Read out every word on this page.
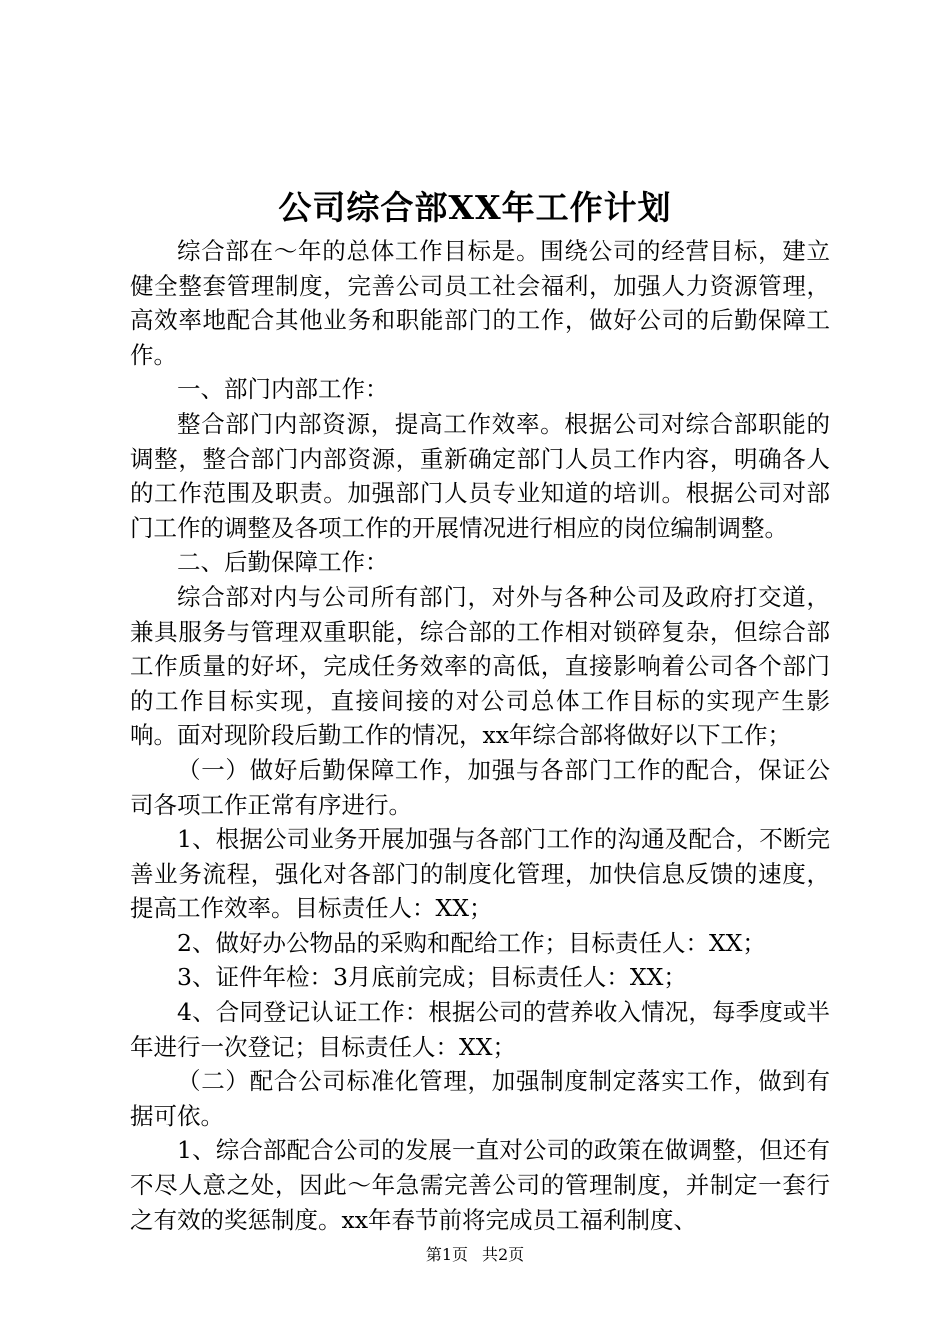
公司综合部XX年工作计划

综合部在～年的总体工作目标是。围绕公司的经营目标，建立健全整套管理制度，完善公司员工社会福利，加强人力资源管理，高效率地配合其他业务和职能部门的工作，做好公司的后勤保障工作。

一、部门内部工作：

整合部门内部资源，提高工作效率。根据公司对综合部职能的调整，整合部门内部资源，重新确定部门人员工作内容，明确各人的工作范围及职责。加强部门人员专业知道的培训。根据公司对部门工作的调整及各项工作的开展情况进行相应的岗位编制调整。

二、后勤保障工作：

综合部对内与公司所有部门，对外与各种公司及政府打交道，兼具服务与管理双重职能，综合部的工作相对锁碎复杂，但综合部工作质量的好坏，完成任务效率的高低，直接影响着公司各个部门的工作目标实现，直接间接的对公司总体工作目标的实现产生影响。面对现阶段后勤工作的情况，xx年综合部将做好以下工作；

（一）做好后勤保障工作，加强与各部门工作的配合，保证公司各项工作正常有序进行。

1、根据公司业务开展加强与各部门工作的沟通及配合，不断完善业务流程，强化对各部门的制度化管理，加快信息反馈的速度，提高工作效率。目标责任人：XX；

2、做好办公物品的采购和配给工作；目标责任人：XX；

3、证件年检：3月底前完成；目标责任人：XX；

4、合同登记认证工作：根据公司的营养收入情况，每季度或半年进行一次登记；目标责任人：XX；

（二）配合公司标准化管理，加强制度制定落实工作，做到有据可依。

1、综合部配合公司的发展一直对公司的政策在做调整，但还有不尽人意之处，因此～年急需完善公司的管理制度，并制定一套行之有效的奖惩制度。xx年春节前将完成员工福利制度、

第1页 共2页
